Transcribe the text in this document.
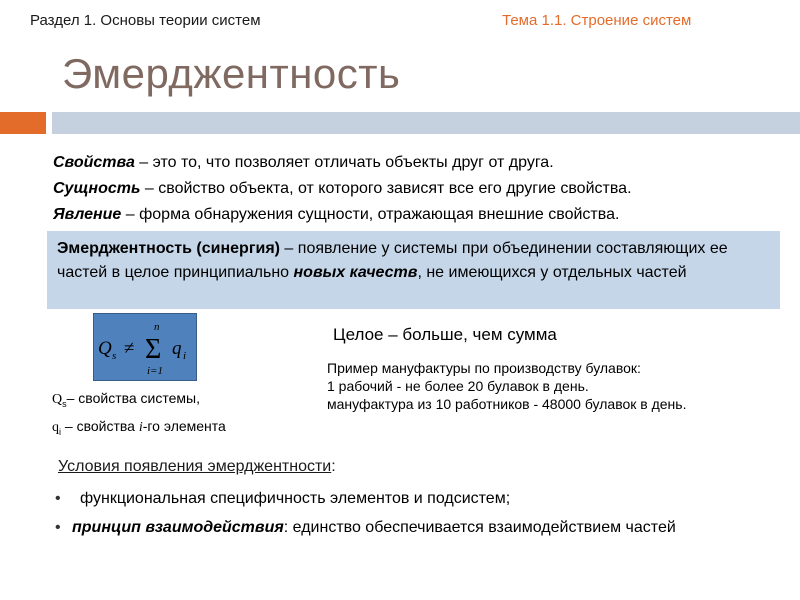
Раздел 1. Основы теории систем	Тема 1.1. Строение систем
Эмерджентность
Свойства – это то, что позволяет отличать объекты друг от друга.
Сущность – свойство объекта, от которого зависят все его другие свойства.
Явление – форма обнаружения сущности, отражающая внешние свойства.
Эмерджентность (синергия) – появление у системы при объединении составляющих ее частей в целое принципиально новых качеств, не имеющихся у отдельных частей
Q s ≠
n
Σ
i=1
q i
Целое – больше, чем сумма
Пример мануфактуры по производству булавок:
1 рабочий - не более 20 булавок в день.
мануфактура из 10 работников - 48000 булавок в день.
$Q_s-$ свойства системы,
$q_i$ – свойства i-го элемента
Условия появления эмерджентности:
• функциональная специфичность элементов и подсистем;
• принцип взаимодействия: единство обеспечивается взаимодействием частей
